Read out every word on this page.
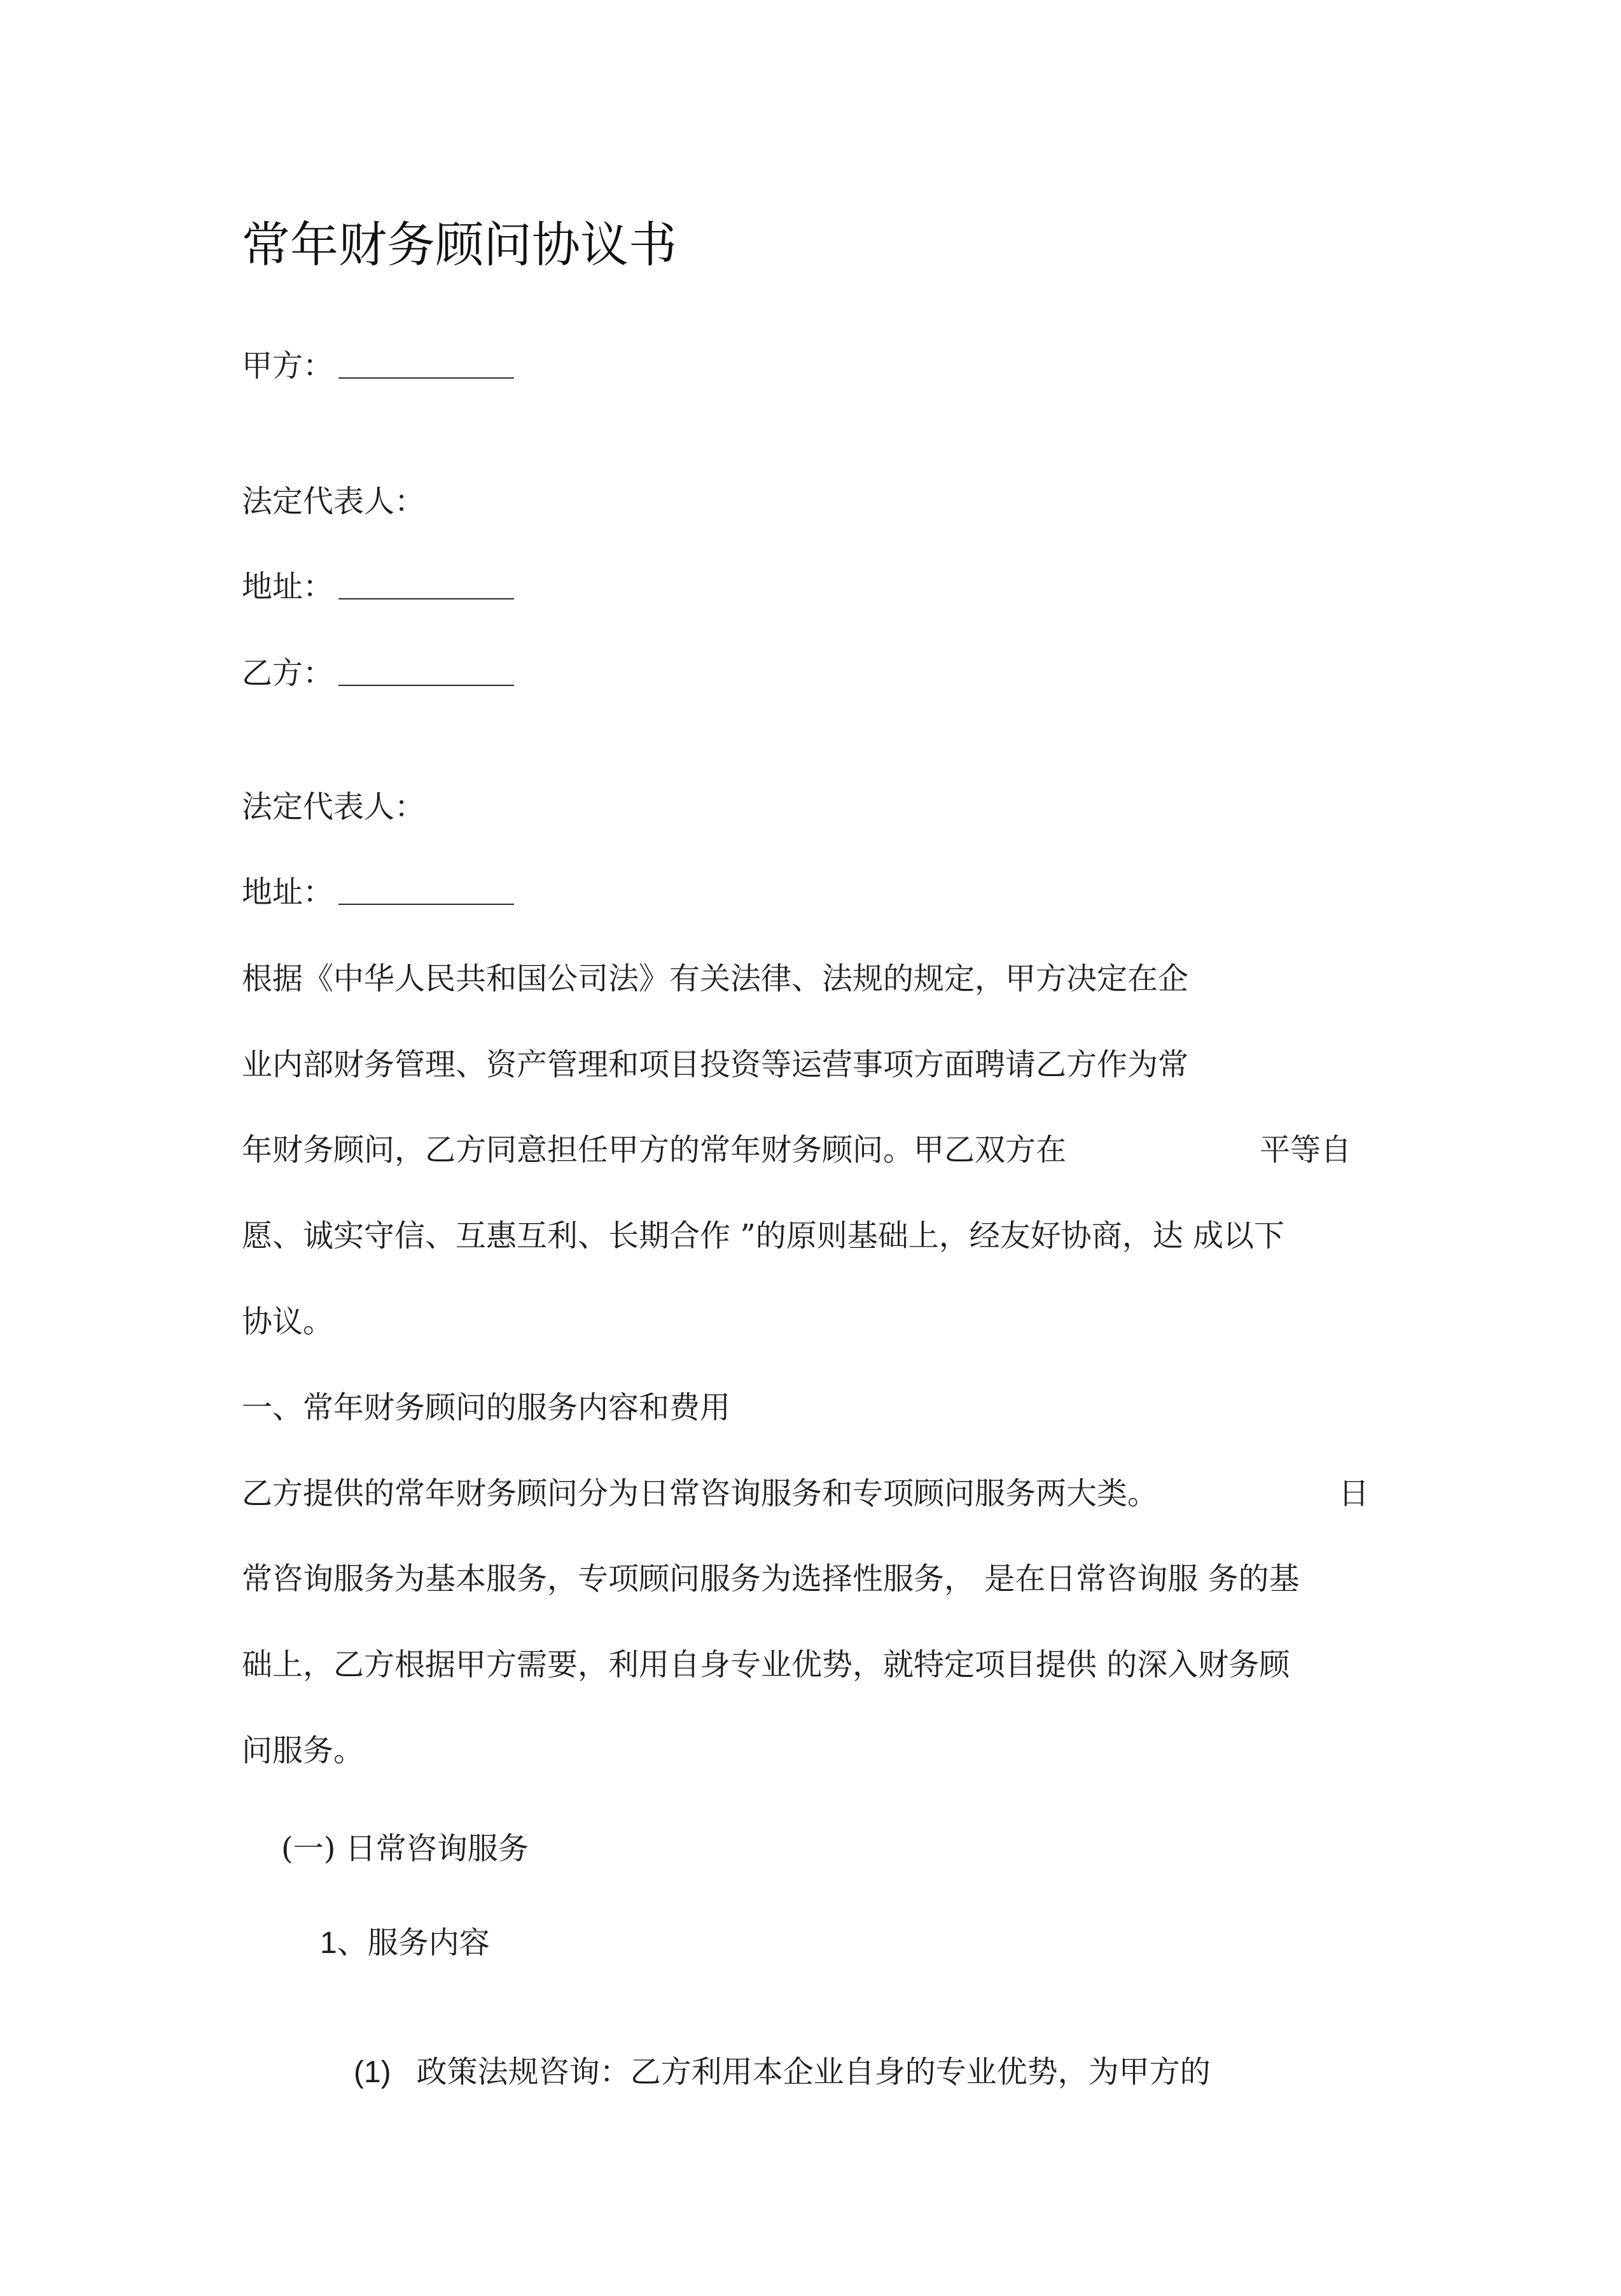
常年财务顾问协议书
甲方：
法定代表人：
地址：
乙方：
法定代表人：
地址：
根据《中华人民共和国公司法》有关法律、法规的规定，甲方决定在企
业内部财务管理、资产管理和项目投资等运营事项方面聘请乙方作为常
年财务顾问，乙方同意担任甲方的常年财务顾问。甲乙双方在	平等自
愿、诚实守信、互惠互利、长期合作 ”的原则基础上，经友好协商，达 成以下
协议。
一、常年财务顾问的服务内容和费用
乙方提供的常年财务顾问分为日常咨询服务和专项顾问服务两大类。	日
常咨询服务为基本服务，专项顾问服务为选择性服务， 是在日常咨询服 务的基
础上，乙方根据甲方需要，利用自身专业优势，就特定项目提供 的深入财务顾
问服务。
(一) 日常咨询服务
1、服务内容
(1) 政策法规咨询：乙方利用本企业自身的专业优势，为甲方的
